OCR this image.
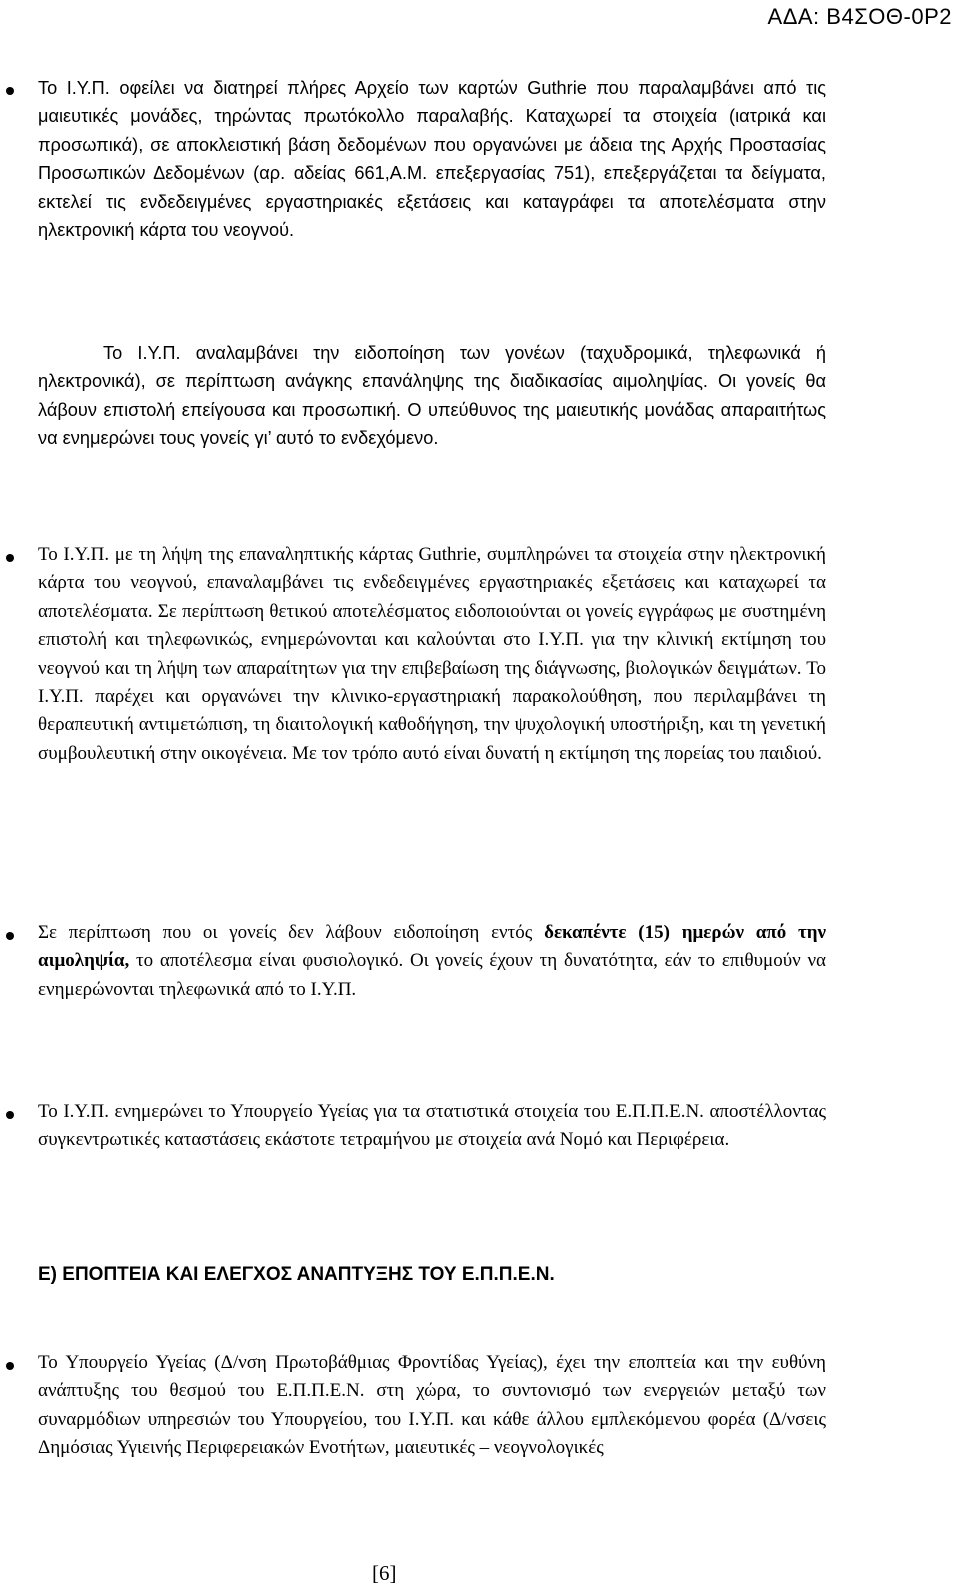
ΑΔΑ: Β4ΣΟΘ-0Ρ2
Το Ι.Υ.Π. οφείλει να διατηρεί πλήρες Αρχείο των καρτών Guthrie που παραλαμβάνει από τις μαιευτικές μονάδες, τηρώντας πρωτόκολλο παραλαβής. Καταχωρεί τα στοιχεία (ιατρικά και προσωπικά), σε αποκλειστική βάση δεδομένων που οργανώνει με άδεια της Αρχής Προστασίας Προσωπικών Δεδομένων (αρ. αδείας 661,Α.Μ. επεξεργασίας 751), επεξεργάζεται τα δείγματα, εκτελεί τις ενδεδειγμένες εργαστηριακές εξετάσεις και καταγράφει τα αποτελέσματα στην ηλεκτρονική κάρτα του νεογνού.
Το Ι.Υ.Π. αναλαμβάνει την ειδοποίηση των γονέων (ταχυδρομικά, τηλεφωνικά ή ηλεκτρονικά), σε περίπτωση ανάγκης επανάληψης της διαδικασίας αιμοληψίας. Οι γονείς θα λάβουν επιστολή επείγουσα και προσωπική. Ο υπεύθυνος της μαιευτικής μονάδας απαραιτήτως να ενημερώνει τους γονείς γι’ αυτό το ενδεχόμενο.
Το Ι.Υ.Π. με τη λήψη της επαναληπτικής κάρτας Guthrie, συμπληρώνει τα στοιχεία στην ηλεκτρονική κάρτα του νεογνού, επαναλαμβάνει τις ενδεδειγμένες εργαστηριακές εξετάσεις και καταχωρεί τα αποτελέσματα. Σε περίπτωση θετικού αποτελέσματος ειδοποιούνται οι γονείς εγγράφως με συστημένη επιστολή και τηλεφωνικώς, ενημερώνονται και καλούνται στο Ι.Υ.Π. για την κλινική εκτίμηση του νεογνού και τη λήψη των απαραίτητων για την επιβεβαίωση της διάγνωσης, βιολογικών δειγμάτων. Το Ι.Υ.Π. παρέχει και οργανώνει την κλινικο-εργαστηριακή παρακολούθηση, που περιλαμβάνει τη θεραπευτική αντιμετώπιση, τη διαιτολογική καθοδήγηση, την ψυχολογική υποστήριξη, και τη γενετική συμβουλευτική στην οικογένεια. Με τον τρόπο αυτό είναι δυνατή η εκτίμηση της πορείας του παιδιού.
Σε περίπτωση που οι γονείς δεν λάβουν ειδοποίηση εντός δεκαπέντε (15) ημερών από την αιμοληψία, το αποτέλεσμα είναι φυσιολογικό. Οι γονείς έχουν τη δυνατότητα, εάν το επιθυμούν να ενημερώνονται τηλεφωνικά από το Ι.Υ.Π.
Το Ι.Υ.Π. ενημερώνει το Υπουργείο Υγείας για τα στατιστικά στοιχεία του Ε.Π.Π.Ε.Ν. αποστέλλοντας συγκεντρωτικές καταστάσεις εκάστοτε τετραμήνου με στοιχεία ανά Νομό και Περιφέρεια.
Ε) ΕΠΟΠΤΕΙΑ ΚΑΙ ΕΛΕΓΧΟΣ ΑΝΑΠΤΥΞΗΣ ΤΟΥ Ε.Π.Π.Ε.Ν.
Το Υπουργείο Υγείας (Δ/νση Πρωτοβάθμιας Φροντίδας Υγείας), έχει την εποπτεία και την ευθύνη ανάπτυξης του θεσμού του Ε.Π.Π.Ε.Ν. στη χώρα, το συντονισμό των ενεργειών μεταξύ των συναρμόδιων υπηρεσιών του Υπουργείου, του Ι.Υ.Π. και κάθε άλλου εμπλεκόμενου φορέα (Δ/νσεις Δημόσιας Υγιεινής Περιφερειακών Ενοτήτων, μαιευτικές – νεογνολογικές
[6]
